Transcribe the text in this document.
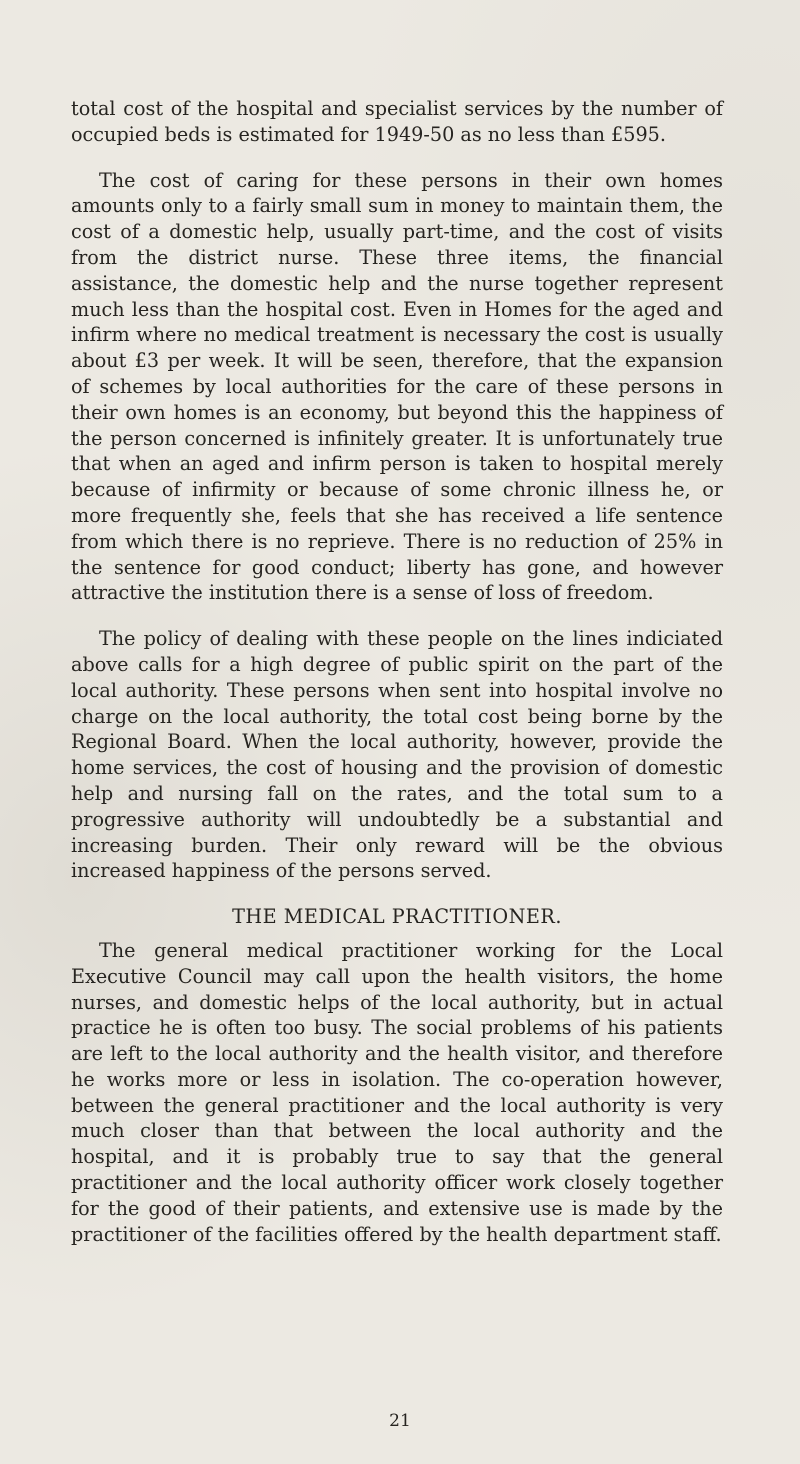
total cost of the hospital and specialist services by the number of occupied beds is estimated for 1949-50 as no less than £595.

The cost of caring for these persons in their own homes amounts only to a fairly small sum in money to maintain them, the cost of a domestic help, usually part-time, and the cost of visits from the district nurse. These three items, the financial assistance, the domestic help and the nurse together represent much less than the hospital cost. Even in Homes for the aged and infirm where no medical treatment is necessary the cost is usually about £3 per week. It will be seen, therefore, that the expansion of schemes by local authorities for the care of these persons in their own homes is an economy, but beyond this the happiness of the person concerned is infinitely greater. It is unfortunately true that when an aged and infirm person is taken to hospital merely because of infirmity or because of some chronic illness he, or more frequently she, feels that she has received a life sentence from which there is no reprieve. There is no reduction of 25% in the sentence for good conduct; liberty has gone, and however attractive the institution there is a sense of loss of freedom.

The policy of dealing with these people on the lines indiciated above calls for a high degree of public spirit on the part of the local authority. These persons when sent into hospital involve no charge on the local authority, the total cost being borne by the Regional Board. When the local authority, however, provide the home services, the cost of housing and the provision of domestic help and nursing fall on the rates, and the total sum to a progressive authority will undoubtedly be a substantial and increasing burden. Their only reward will be the obvious increased happiness of the persons served.

THE MEDICAL PRACTITIONER.

The general medical practitioner working for the Local Executive Council may call upon the health visitors, the home nurses, and domestic helps of the local authority, but in actual practice he is often too busy. The social problems of his patients are left to the local authority and the health visitor, and therefore he works more or less in isolation. The co-operation however, between the general practitioner and the local authority is very much closer than that between the local authority and the hospital, and it is probably true to say that the general practitioner and the local authority officer work closely together for the good of their patients, and extensive use is made by the practitioner of the facilities offered by the health department staff.

21
